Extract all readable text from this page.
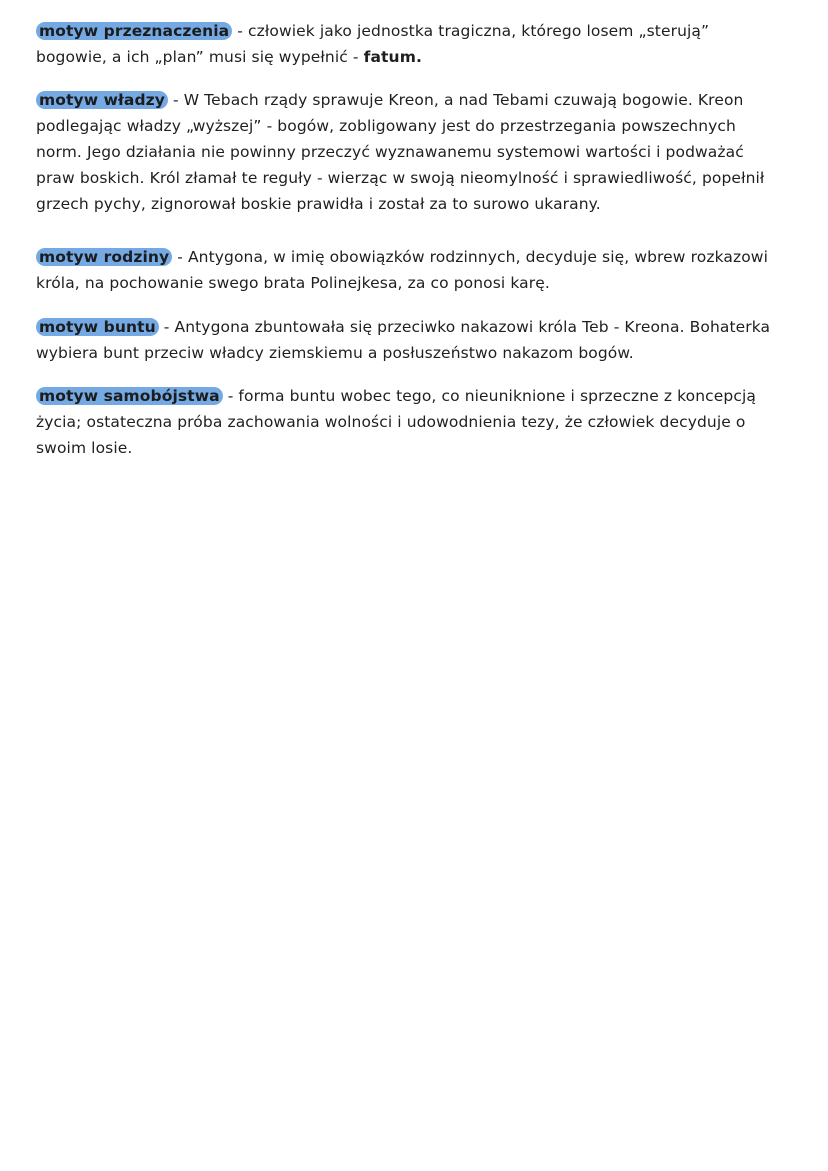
motyw przeznaczenia - człowiek jako jednostka tragiczna, którego losem „sterują”
bogowie, a ich „plan” musi się wypełnić - fatum.

motyw władzy - W Tebach rządy sprawuje Kreon, a nad Tebami czuwają bogowie. Kreon
podlegając władzy „wyższej” - bogów, zobligowany jest do przestrzegania powszechnych
norm. Jego działania nie powinny przeczyć wyznawanemu systemowi wartości i podważać
praw boskich. Król złamał te reguły - wierząc w swoją nieomylność i sprawiedliwość, popełnił
grzech pychy, zignorował boskie prawidła i został za to surowo ukarany.

motyw rodziny - Antygona, w imię obowiązków rodzinnych, decyduje się, wbrew rozkazowi
króla, na pochowanie swego brata Polinejkesa, za co ponosi karę.

motyw buntu - Antygona zbuntowała się przeciwko nakazowi króla Teb - Kreona. Bohaterka
wybiera bunt przeciw władcy ziemskiemu a posłuszeństwo nakazom bogów.

motyw samobójstwa - forma buntu wobec tego, co nieuniknione i sprzeczne z koncepcją
życia; ostateczna próba zachowania wolności i udowodnienia tezy, że człowiek decyduje o
swoim losie.
